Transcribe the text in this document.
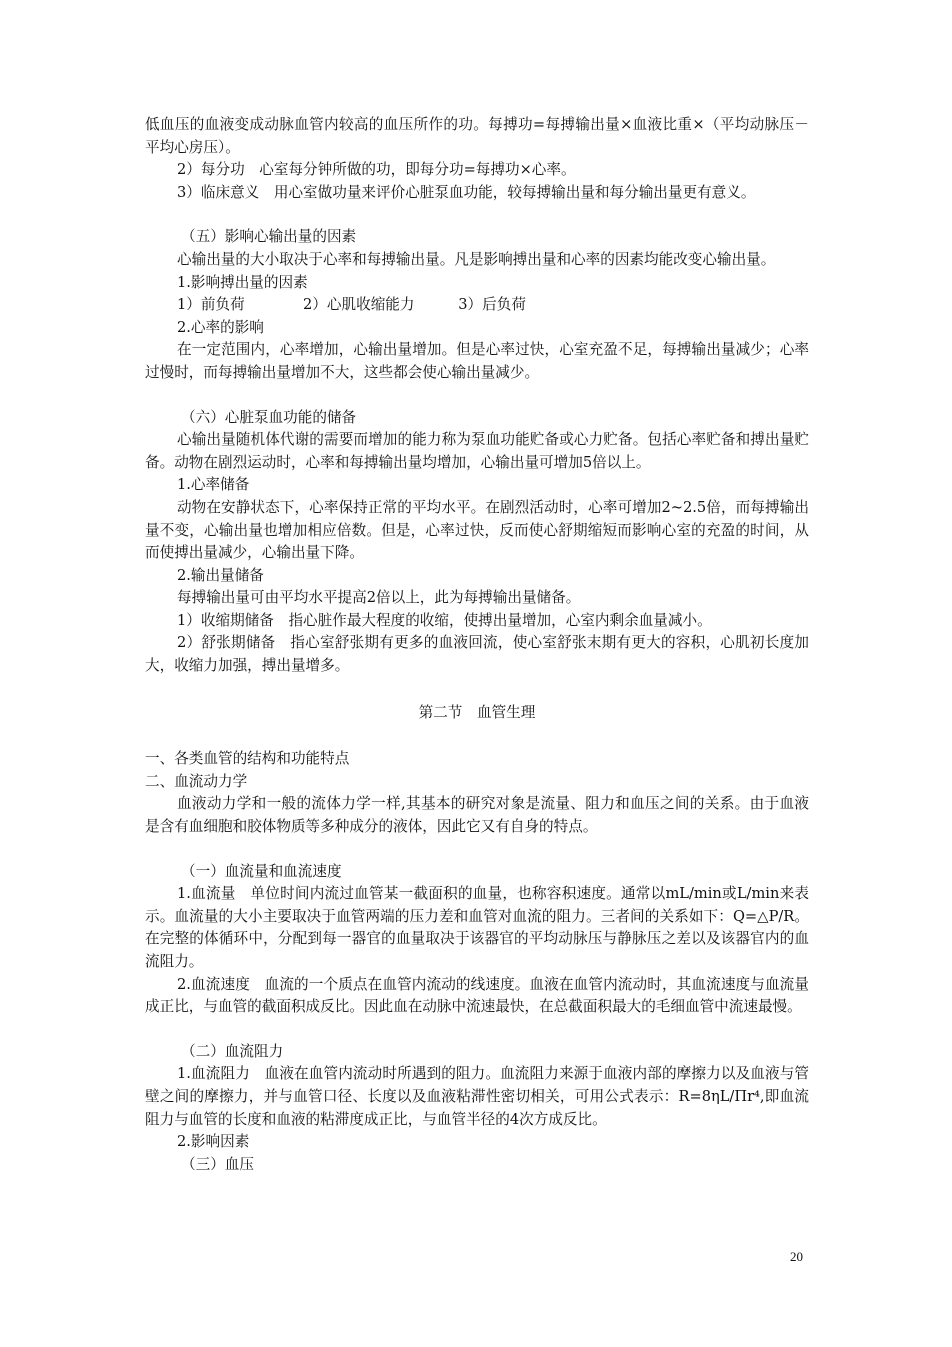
低血压的血液变成动脉血管内较高的血压所作的功。每搏功=每搏输出量×血液比重×（平均动脉压－平均心房压）。

2）每分功　心室每分钟所做的功，即每分功=每搏功×心率。

3）临床意义　用心室做功量来评价心脏泵血功能，较每搏输出量和每分输出量更有意义。

（五）影响心输出量的因素

心输出量的大小取决于心率和每搏输出量。凡是影响搏出量和心率的因素均能改变心输出量。

1.影响搏出量的因素

1）前负荷　　　　2）心肌收缩能力　　　3）后负荷

2.心率的影响

在一定范围内，心率增加，心输出量增加。但是心率过快，心室充盈不足，每搏输出量减少；心率过慢时，而每搏输出量增加不大，这些都会使心输出量减少。

（六）心脏泵血功能的储备

心输出量随机体代谢的需要而增加的能力称为泵血功能贮备或心力贮备。包括心率贮备和搏出量贮备。动物在剧烈运动时，心率和每搏输出量均增加，心输出量可增加5倍以上。

1.心率储备

动物在安静状态下，心率保持正常的平均水平。在剧烈活动时，心率可增加2~2.5倍，而每搏输出量不变，心输出量也增加相应倍数。但是，心率过快，反而使心舒期缩短而影响心室的充盈的时间，从而使搏出量减少，心输出量下降。

2.输出量储备

每搏输出量可由平均水平提高2倍以上，此为每搏输出量储备。

1）收缩期储备　指心脏作最大程度的收缩，使搏出量增加，心室内剩余血量减小。

2）舒张期储备　指心室舒张期有更多的血液回流，使心室舒张末期有更大的容积，心肌初长度加大，收缩力加强，搏出量增多。

第二节　血管生理

一、各类血管的结构和功能特点

二、血流动力学

血液动力学和一般的流体力学一样,其基本的研究对象是流量、阻力和血压之间的关系。由于血液是含有血细胞和胶体物质等多种成分的液体，因此它又有自身的特点。

（一）血流量和血流速度

1.血流量　单位时间内流过血管某一截面积的血量，也称容积速度。通常以mL/min或L/min来表示。血流量的大小主要取决于血管两端的压力差和血管对血流的阻力。三者间的关系如下：Q=△P/R。在完整的体循环中，分配到每一器官的血量取决于该器官的平均动脉压与静脉压之差以及该器官内的血流阻力。

2.血流速度　血流的一个质点在血管内流动的线速度。血液在血管内流动时，其血流速度与血流量成正比，与血管的截面积成反比。因此血在动脉中流速最快，在总截面积最大的毛细血管中流速最慢。

（二）血流阻力

1.血流阻力　血液在血管内流动时所遇到的阻力。血流阻力来源于血液内部的摩擦力以及血液与管壁之间的摩擦力，并与血管口径、长度以及血液粘滞性密切相关，可用公式表示：R=8ηL/Πr⁴,即血流阻力与血管的长度和血液的粘滞度成正比，与血管半径的4次方成反比。

2.影响因素

（三）血压

20
